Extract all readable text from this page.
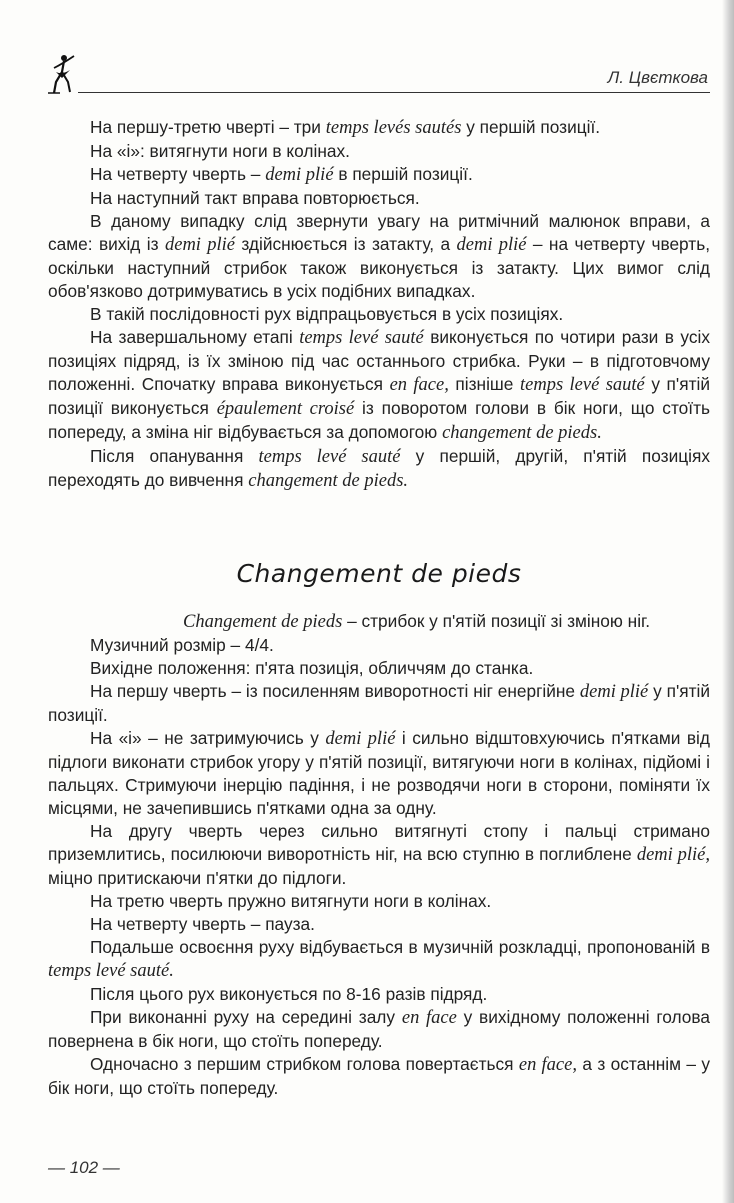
Л. Цвєткова

На першу-третю чверті – три temps levés sautés у першій позиції.

На «і»: витягнути ноги в колінах.

На четверту чверть – demi plié в першій позиції.

На наступний такт вправа повторюється.

В даному випадку слід звернути увагу на ритмічний малюнок вправи, а саме: вихід із demi plié здійснюється із затакту, а demi plié – на четверту чверть, оскільки наступний стрибок також виконується із затакту. Цих вимог слід обов'язково дотримуватись в усіх подібних випадках.

В такій послідовності рух відпрацьовується в усіх позиціях.

На завершальному етапі temps levé sauté виконується по чотири рази в усіх позиціях підряд, із їх зміною під час останнього стрибка. Руки – в підготовчому положенні. Спочатку вправа виконується en face, пізніше temps levé sauté у п'ятій позиції виконується épaulement croisé із поворотом голови в бік ноги, що стоїть попереду, а зміна ніг відбувається за допомогою changement de pieds.

Після опанування temps levé sauté у першій, другій, п'ятій позиціях переходять до вивчення changement de pieds.

Changement de pieds

Changement de pieds – стрибок у п'ятій позиції зі зміною ніг.

Музичний розмір – 4/4.

Вихідне положення: п'ята позиція, обличчям до станка.

На першу чверть – із посиленням виворотності ніг енергійне demi plié у п'ятій позиції.

На «і» – не затримуючись у demi plié і сильно відштовхуючись п'ятками від підлоги виконати стрибок угору у п'ятій позиції, витягуючи ноги в колінах, підйомі і пальцях. Стримуючи інерцію падіння, і не розводячи ноги в сторони, поміняти їх місцями, не зачепившись п'ятками одна за одну.

На другу чверть через сильно витягнуті стопу і пальці стримано приземлитись, посилюючи виворотність ніг, на всю ступню в поглиблене demi plié, міцно притискаючи п'ятки до підлоги.

На третю чверть пружно витягнути ноги в колінах.

На четверту чверть – пауза.

Подальше освоєння руху відбувається в музичній розкладці, пропонованій в temps levé sauté.

Після цього рух виконується по 8-16 разів підряд.

При виконанні руху на середині залу en face у вихідному положенні голова повернена в бік ноги, що стоїть попереду.

Одночасно з першим стрибком голова повертається en face, а з останнім – у бік ноги, що стоїть попереду.

— 102 —
